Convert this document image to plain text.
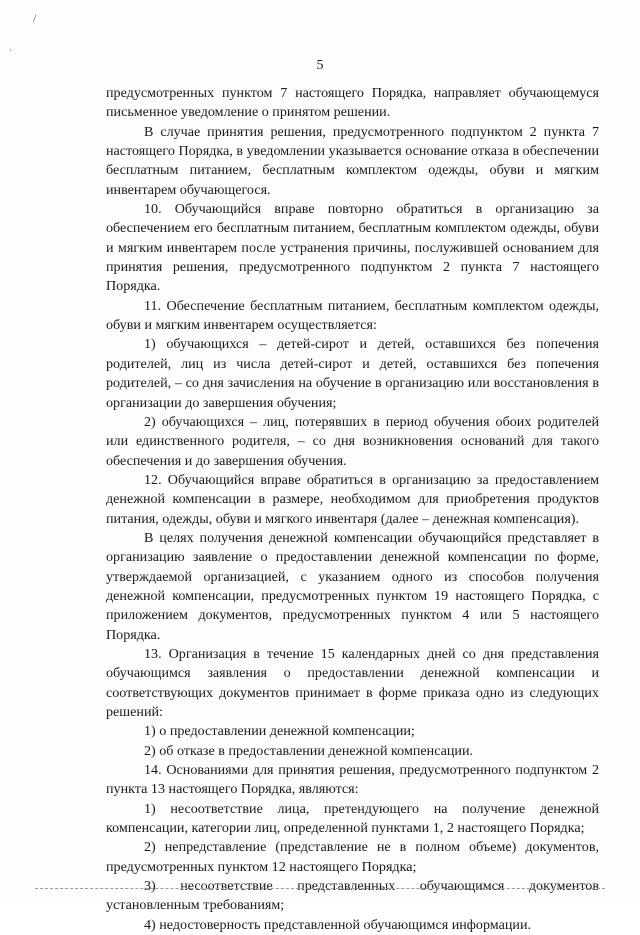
/
·
5

предусмотренных пунктом 7 настоящего Порядка, направляет обучающемуся письменное уведомление о принятом решении.

В случае принятия решения, предусмотренного подпунктом 2 пункта 7 настоящего Порядка, в уведомлении указывается основание отказа в обеспечении бесплатным питанием, бесплатным комплектом одежды, обуви и мягким инвентарем обучающегося.

10. Обучающийся вправе повторно обратиться в организацию за обеспечением его бесплатным питанием, бесплатным комплектом одежды, обуви и мягким инвентарем после устранения причины, послужившей основанием для принятия решения, предусмотренного подпунктом 2 пункта 7 настоящего Порядка.

11. Обеспечение бесплатным питанием, бесплатным комплектом одежды, обуви и мягким инвентарем осуществляется:

1) обучающихся – детей-сирот и детей, оставшихся без попечения родителей, лиц из числа детей-сирот и детей, оставшихся без попечения родителей, – со дня зачисления на обучение в организацию или восстановления в организации до завершения обучения;

2) обучающихся – лиц, потерявших в период обучения обоих родителей или единственного родителя, – со дня возникновения оснований для такого обеспечения и до завершения обучения.

12. Обучающийся вправе обратиться в организацию за предоставлением денежной компенсации в размере, необходимом для приобретения продуктов питания, одежды, обуви и мягкого инвентаря (далее – денежная компенсация).

В целях получения денежной компенсации обучающийся представляет в организацию заявление о предоставлении денежной компенсации по форме, утверждаемой организацией, с указанием одного из способов получения денежной компенсации, предусмотренных пунктом 19 настоящего Порядка, с приложением документов, предусмотренных пунктом 4 или 5 настоящего Порядка.

13. Организация в течение 15 календарных дней со дня представления обучающимся заявления о предоставлении денежной компенсации и соответствующих документов принимает в форме приказа одно из следующих решений:

1) о предоставлении денежной компенсации;

2) об отказе в предоставлении денежной компенсации.

14. Основаниями для принятия решения, предусмотренного подпунктом 2 пункта 13 настоящего Порядка, являются:

1) несоответствие лица, претендующего на получение денежной компенсации, категории лиц, определенной пунктами 1, 2 настоящего Порядка;

2) непредставление (представление не в полном объеме) документов, предусмотренных пунктом 12 настоящего Порядка;

3) несоответствие представленных обучающимся документов установленным требованиям;

4) недостоверность представленной обучающимся информации.
